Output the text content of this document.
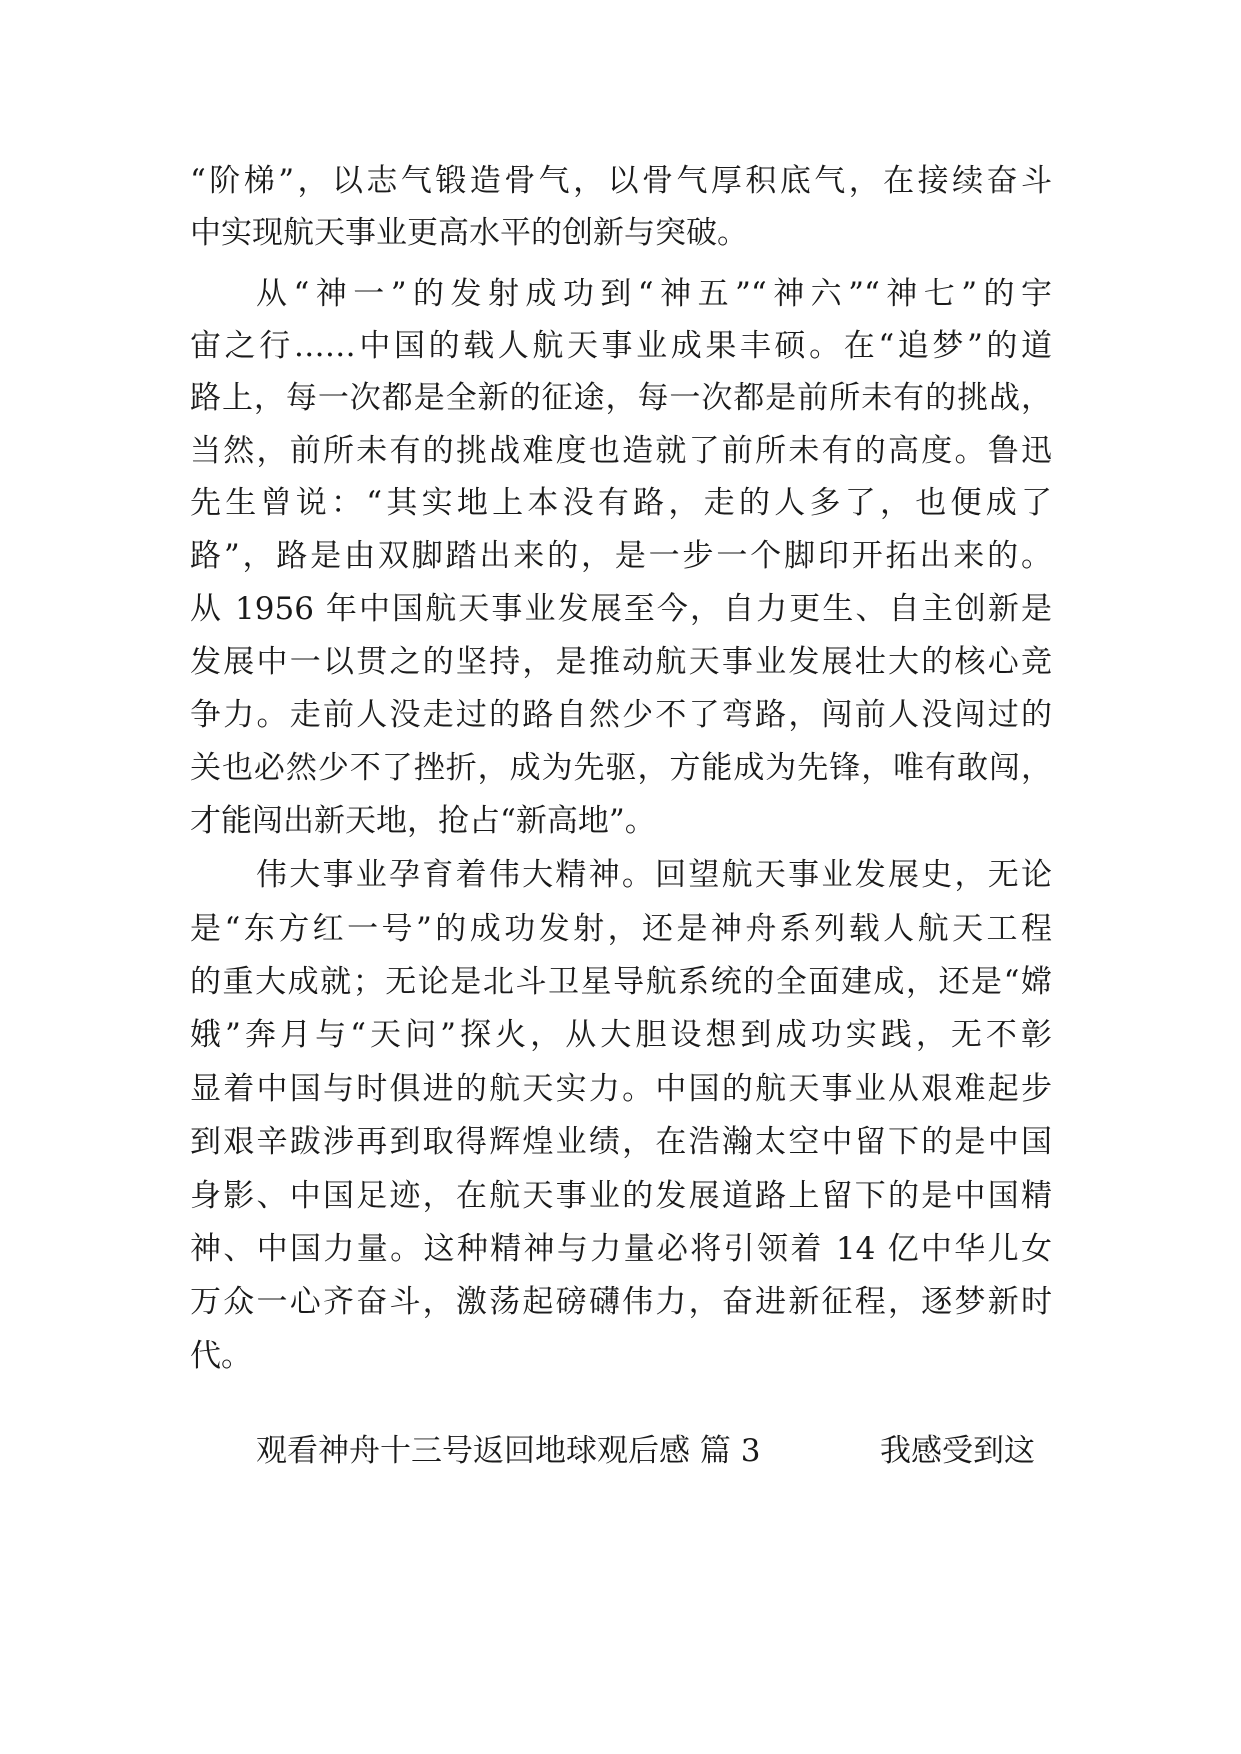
“阶梯”，以志气锻造骨气，以骨气厚积底气，在接续奋斗
中实现航天事业更高水平的创新与突破。
从“神一”的发射成功到“神五”“神六”“神七”的宇
宙之行……中国的载人航天事业成果丰硕。在“追梦”的道
路上，每一次都是全新的征途，每一次都是前所未有的挑战，
当然，前所未有的挑战难度也造就了前所未有的高度。鲁迅
先生曾说：“其实地上本没有路，走的人多了，也便成了
路”，路是由双脚踏出来的，是一步一个脚印开拓出来的。
从 1956 年中国航天事业发展至今，自力更生、自主创新是
发展中一以贯之的坚持，是推动航天事业发展壮大的核心竞
争力。走前人没走过的路自然少不了弯路，闯前人没闯过的
关也必然少不了挫折，成为先驱，方能成为先锋，唯有敢闯，
才能闯出新天地，抢占“新高地”。
伟大事业孕育着伟大精神。回望航天事业发展史，无论
是“东方红一号”的成功发射，还是神舟系列载人航天工程
的重大成就；无论是北斗卫星导航系统的全面建成，还是“嫦
娥”奔月与“天问”探火，从大胆设想到成功实践，无不彰
显着中国与时俱进的航天实力。中国的航天事业从艰难起步
到艰辛跋涉再到取得辉煌业绩，在浩瀚太空中留下的是中国
身影、中国足迹，在航天事业的发展道路上留下的是中国精
神、中国力量。这种精神与力量必将引领着 14 亿中华儿女
万众一心齐奋斗，激荡起磅礴伟力，奋进新征程，逐梦新时
代。
观看神舟十三号返回地球观后感 篇 3	我感受到这
